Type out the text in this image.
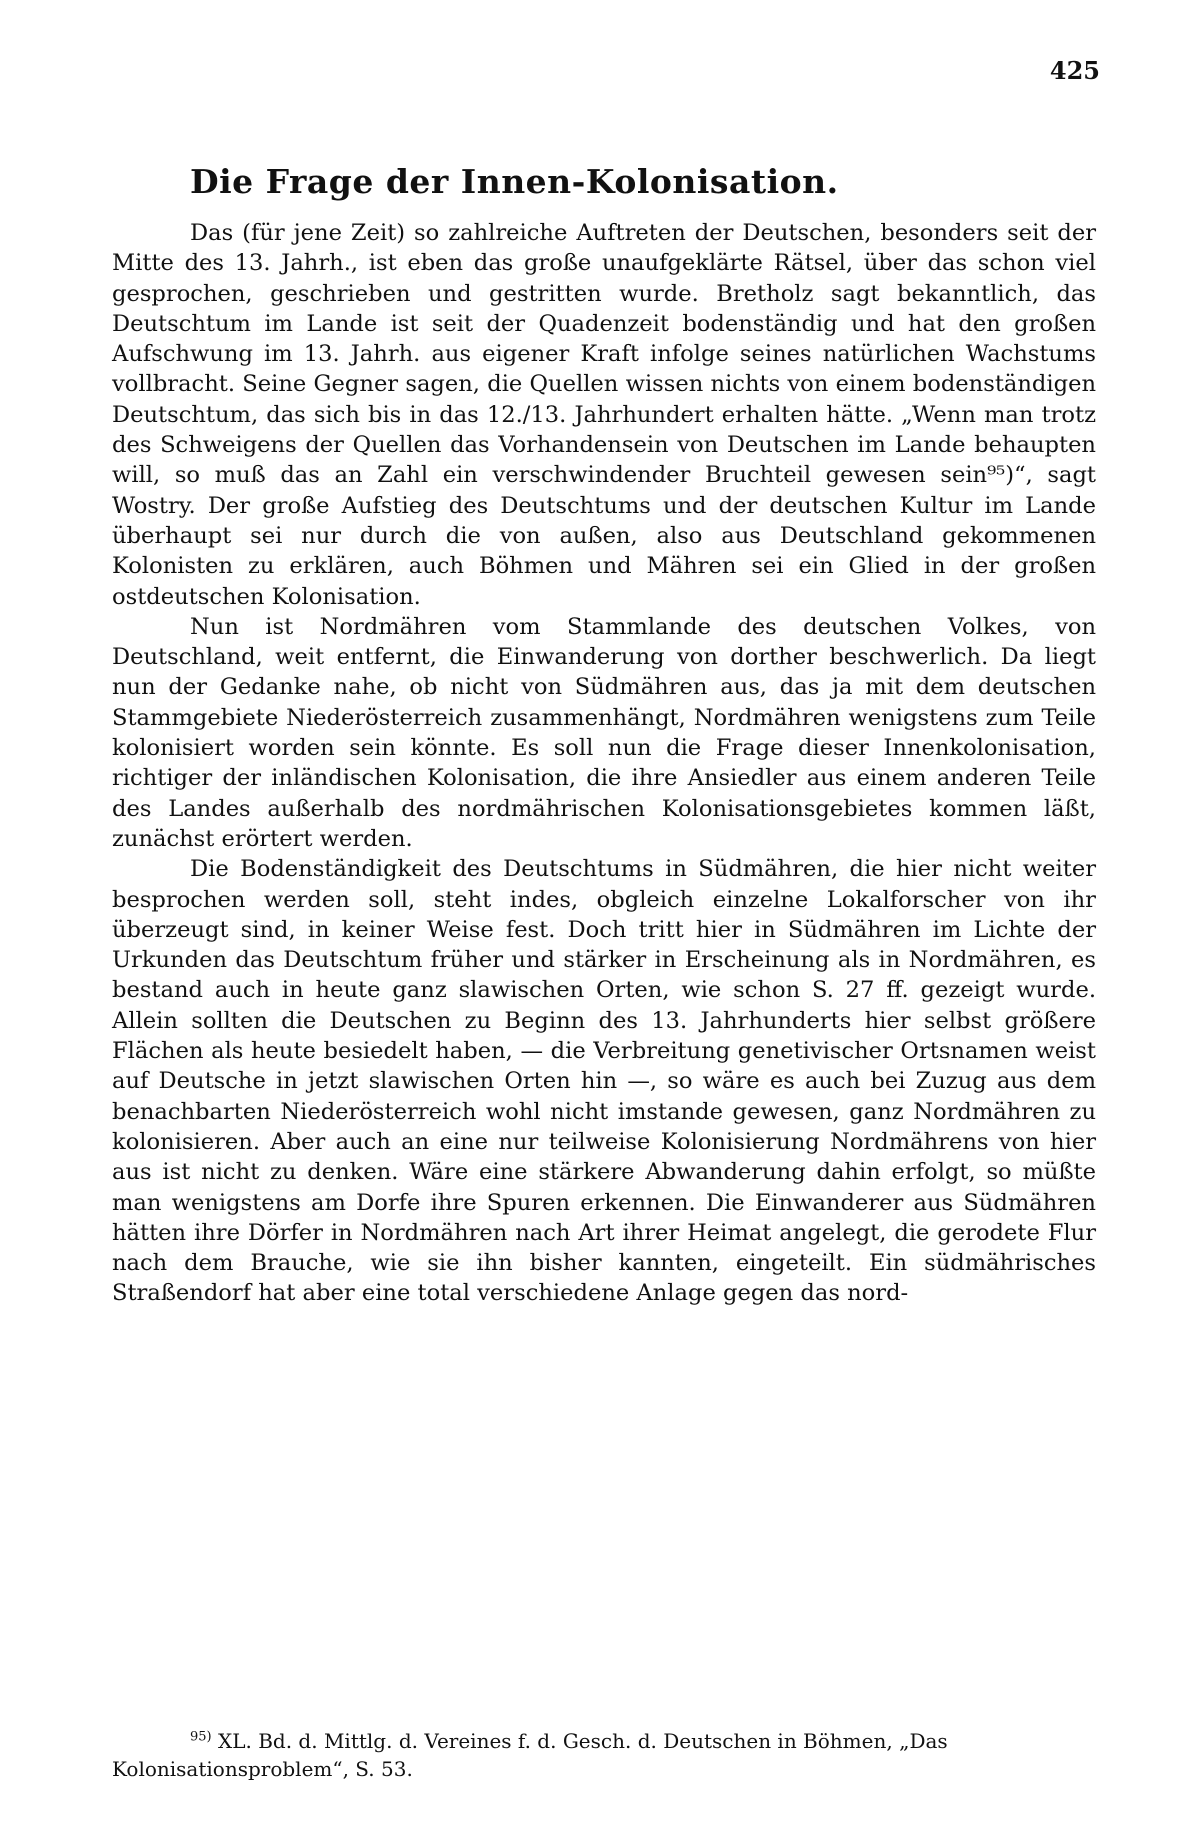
425
Die Frage der Innen-Kolonisation.

Das (für jene Zeit) so zahlreiche Auftreten der Deutschen, besonders seit der Mitte des 13. Jahrh., ist eben das große unaufgeklärte Rätsel, über das schon viel gesprochen, geschrieben und gestritten wurde. Bretholz sagt bekanntlich, das Deutschtum im Lande ist seit der Quadenzeit bodenständig und hat den großen Aufschwung im 13. Jahrh. aus eigener Kraft infolge seines natürlichen Wachstums vollbracht. Seine Gegner sagen, die Quellen wissen nichts von einem bodenständigen Deutschtum, das sich bis in das 12./13. Jahrhundert erhalten hätte. „Wenn man trotz des Schweigens der Quellen das Vorhandensein von Deutschen im Lande behaupten will, so muß das an Zahl ein verschwindender Bruchteil gewesen sein⁹⁵)“, sagt Wostry. Der große Aufstieg des Deutschtums und der deutschen Kultur im Lande überhaupt sei nur durch die von außen, also aus Deutschland gekommenen Kolonisten zu erklären, auch Böhmen und Mähren sei ein Glied in der großen ostdeutschen Kolonisation.

Nun ist Nordmähren vom Stammlande des deutschen Volkes, von Deutschland, weit entfernt, die Einwanderung von dorther beschwerlich. Da liegt nun der Gedanke nahe, ob nicht von Südmähren aus, das ja mit dem deutschen Stammgebiete Niederösterreich zusammenhängt, Nordmähren wenigstens zum Teile kolonisiert worden sein könnte. Es soll nun die Frage dieser Innenkolonisation, richtiger der inländischen Kolonisation, die ihre Ansiedler aus einem anderen Teile des Landes außerhalb des nordmährischen Kolonisationsgebietes kommen läßt, zunächst erörtert werden.

Die Bodenständigkeit des Deutschtums in Südmähren, die hier nicht weiter besprochen werden soll, steht indes, obgleich einzelne Lokalforscher von ihr überzeugt sind, in keiner Weise fest. Doch tritt hier in Südmähren im Lichte der Urkunden das Deutschtum früher und stärker in Erscheinung als in Nordmähren, es bestand auch in heute ganz slawischen Orten, wie schon S. 27 ff. gezeigt wurde. Allein sollten die Deutschen zu Beginn des 13. Jahrhunderts hier selbst größere Flächen als heute besiedelt haben, — die Verbreitung genetivischer Ortsnamen weist auf Deutsche in jetzt slawischen Orten hin —, so wäre es auch bei Zuzug aus dem benachbarten Niederösterreich wohl nicht imstande gewesen, ganz Nordmähren zu kolonisieren. Aber auch an eine nur teilweise Kolonisierung Nordmährens von hier aus ist nicht zu denken. Wäre eine stärkere Abwanderung dahin erfolgt, so müßte man wenigstens am Dorfe ihre Spuren erkennen. Die Einwanderer aus Südmähren hätten ihre Dörfer in Nordmähren nach Art ihrer Heimat angelegt, die gerodete Flur nach dem Brauche, wie sie ihn bisher kannten, eingeteilt. Ein südmährisches Straßendorf hat aber eine total verschiedene Anlage gegen das nord-

$^{95)}$ XL. Bd. d. Mittlg. d. Vereines f. d. Gesch. d. Deutschen in Böhmen, „Das Kolonisationsproblem“, S. 53.
